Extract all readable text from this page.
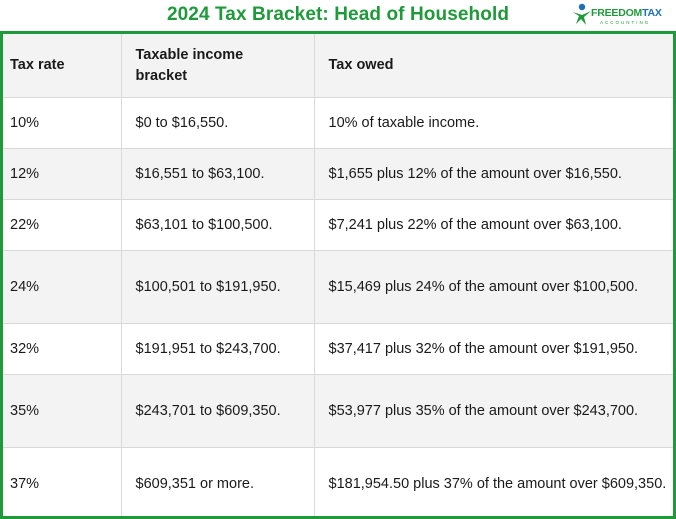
2024 Tax Bracket: Head of Household	FREEDOMTAX
ACCOUNTING
Tax rate	Taxable income bracket	Tax owed
10%	$0 to $16,550.	10% of taxable income.
12%	$16,551 to $63,100.	$1,655 plus 12% of the amount over $16,550.
22%	$63,101 to $100,500.	$7,241 plus 22% of the amount over $63,100.
24%	$100,501 to $191,950.	$15,469 plus 24% of the amount over $100,500.
32%	$191,951 to $243,700.	$37,417 plus 32% of the amount over $191,950.
35%	$243,701 to $609,350.	$53,977 plus 35% of the amount over $243,700.
37%	$609,351 or more.	$181,954.50 plus 37% of the amount over $609,350.
